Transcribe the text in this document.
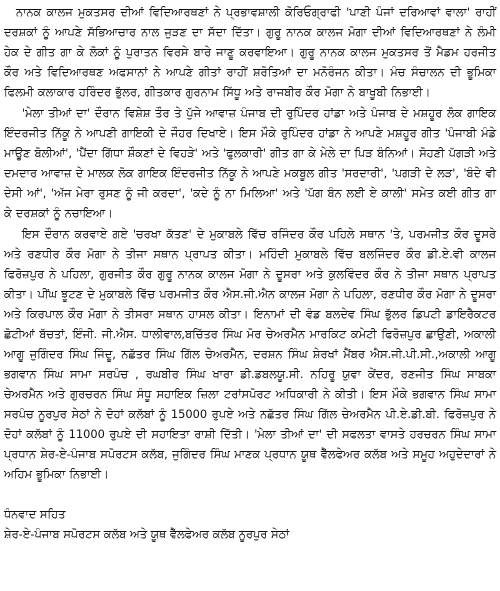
ਨਾਨਕ ਕਾਲਜ ਮੁਕਤਸਰ ਦੀਆਂ ਵਿਦਿਆਰਥਣਾਂ ਨੇ ਪ੍ਰਭਾਵਸ਼ਾਲੀ ਕੋਰਿਓਗ੍ਰਾਫੀ 'ਪਾਣੀ ਪੰਜਾਂ ਦਰਿਆਵਾਂ ਵਾਲਾ' ਰਾਹੀਂ ਦਰਸ਼ਕਾਂ ਨੂੰ ਆਪਣੇ ਸੱਭਿਆਚਾਰ ਨਾਲ ਜੁੜਣ ਦਾ ਸੱਦਾ ਦਿੱਤਾ। ਗੁਰੂ ਨਾਨਕ ਕਾਲਜ ਮੋਗਾ ਦੀਆਂ ਵਿਦਿਆਰਥਣਾਂ ਨੇ ਲੰਮੀ ਹੇਕ ਦੇ ਗੀਤ ਗਾ ਕੇ ਲੋਕਾਂ ਨੂੰ ਪੁਰਾਤਨ ਵਿਰਸੇ ਬਾਰੇ ਜਾਣੂ ਕਰਵਾਇਆ। ਗੁਰੂ ਨਾਨਕ ਕਾਲਜ ਮੁਕਤਸਰ ਤੋਂ ਮੈਡਮ ਹਰਜੀਤ ਕੌਰ ਅਤੇ ਵਿਦਿਆਰਥਣ ਅਫਸਾਨਾਂ ਨੇ ਆਪਣੇ ਗੀਤਾਂ ਰਾਹੀਂ ਸ਼ਰੋਤਿਆਂ ਦਾ ਮਨੋਰੰਜਨ ਕੀਤਾ। ਮੰਚ ਸੰਚਾਲਨ ਦੀ ਭੂਮਿਕਾ ਫਿਲਮੀ ਕਲਾਕਾਰ ਹਰਿੰਦਰ ਭੁੱਲਰ, ਗੀਤਕਾਰ ਗੁਰਨਾਮ ਸਿੱਧੂ ਅਤੇ ਰਾਜਬੀਰ ਕੌਰ ਮੋਗਾ ਨੇ ਬਾਖੂਬੀ ਨਿਭਾਈ।

'ਮੇਲਾ ਤੀਆਂ ਦਾ' ਦੌਰਾਨ ਵਿਸ਼ੇਸ਼ ਤੌਰ ਤੇ ਪੁੱਜੇ ਆਵਾਜ਼ ਪੰਜਾਬ ਦੀ ਰੁਪਿੰਦਰ ਹਾਂਡਾ ਅਤੇ ਪੰਜਾਬ ਦੇ ਮਸ਼ਹੂਰ ਲੋਕ ਗਾਇਕ ਇੰਦਰਜੀਤ ਨਿੱਕੂ ਨੇ ਆਪਣੀ ਗਾਇਕੀ ਦੇ ਜੌਹਰ ਦਿਖਾਏ। ਇਸ ਮੌਕੇ ਰੁਪਿੰਦਰ ਹਾਂਡਾ ਨੇ ਆਪਣੇ ਮਸ਼ਹੂਰ ਗੀਤ 'ਪੰਜਾਬੀ ਮੰਡੇ ਮਾਊਣ ਬੋਲੀਆਂ', 'ਪੈਂਦਾ ਗਿੱਧਾ ਸ਼ੌਕਣਾਂ ਦੇ ਵਿਹੜੇ' ਅਤੇ 'ਫੁਲਕਾਰੀ' ਗੀਤ ਗਾ ਕੇ ਮੇਲੇ ਦਾ ਪਿੜ ਬੰਨਿਆਂ। ਸੋਹਣੀ ਪੱਗੜੀ ਅਤੇ ਦਮਦਾਰ ਆਵਾਜ਼ ਦੇ ਮਾਲਕ ਲੋਕ ਗਾਇਕ ਇੰਦਰਜੀਤ ਨਿੱਕੂ ਨੇ ਆਪਣੇ ਮਕਬੂਲ ਗੀਤ 'ਸਰਦਾਰੀ', 'ਪਗੜੀ ਦੇ ਲੜ', 'ਬੰਦੇ ਵੀ ਦੇਸੀ ਆਂ', 'ਅੱਜ ਮੇਰਾ ਰੁਸਣ ਨੂੰ ਜੀ ਕਰਦਾ', 'ਕਦੇ ਨੂੰ ਨਾ ਮਿਲਿਆ' ਅਤੇ 'ਪੱਗ ਬੰਨ ਲਈ ਏ ਕਾਲੀ' ਸਮੇਤ ਕਈ ਗੀਤ ਗਾ ਕੇ ਦਰਸ਼ਕਾਂ ਨੂੰ ਨਚਾਇਆ।

ਇਸ ਦੌਰਾਨ ਕਰਵਾਏ ਗਏ 'ਚਰਖਾ ਕੱਤਣ' ਦੇ ਮੁਕਾਬਲੇ ਵਿੱਚ ਰਜਿੰਦਰ ਕੌਰ ਪਹਿਲੇ ਸਥਾਨ 'ਤੇ, ਪਰਮਜੀਤ ਕੌਰ ਦੂਸਰੇ ਅਤੇ ਰਣਧੀਰ ਕੌਰ ਮੋਗਾ ਨੇ ਤੀਜਾ ਸਥਾਨ ਪ੍ਰਾਪਤ ਕੀਤਾ। ਮਹਿੰਦੀ ਮੁਕਾਬਲੇ ਵਿੱਚ ਬਲਜਿੰਦਰ ਕੌਰ ਡੀ.ਏ.ਵੀ ਕਾਲਜ ਫਿਰੋਜ਼ਪੁਰ ਨੇ ਪਹਿਲਾ, ਗੁਰਜੀਤ ਕੌਰ ਗੁਰੂ ਨਾਨਕ ਕਾਲਜ ਮੋਗਾ ਨੇ ਦੂਸਰਾ ਅਤੇ ਕੁਲਵਿੰਦਰ ਕੌਰ ਨੇ ਤੀਜਾ ਸਥਾਨ ਪ੍ਰਾਪਤ ਕੀਤਾ। ਪੀਂਘ ਝੂਟਣ ਦੇ ਮੁਕਾਬਲੇ ਵਿੱਚ ਪਰਮਜੀਤ ਕੌਰ ਐਸ.ਜੀ.ਐਨ ਕਾਲਜ ਮੋਗਾ ਨੇ ਪਹਿਲਾ, ਰਣਧੀਰ ਕੌਰ ਮੋਗਾ ਨੇ ਦੂਸਰਾ ਅਤੇ ਕਿਰਪਾਲ ਕੌਰ ਮੋਗਾ ਨੇ ਤੀਸਰਾ ਸਥਾਨ ਹਾਸਲ ਕੀਤਾ। ਇਨਾਮਾਂ ਦੀ ਵੰਡ ਬਲਦੇਵ ਸਿੰਘ ਭੁੱਲਰ ਡਿਪਟੀ ਡਾਇਰੈਕਟਰ ਛੋਟੀਆਂ ਬੱਚਤਾਂ, ਇੰਜੀ. ਜੀ.ਐਸ. ਧਾਲੀਵਾਲ,ਬਚਿੱਤਰ ਸਿੰਘ ਮੋਰ ਚੇਅਰਮੈਨ ਮਾਰਕਿਟ ਕਮੇਟੀ ਫਿਰੋਜ਼ਪੁਰ ਛਾਉਣੀ, ਅਕਾਲੀ ਆਗੂ ਜੁਗਿੰਦਰ ਸਿੰਘ ਜਿੰਦੂ, ਨਛੱਤਰ ਸਿੰਘ ਗਿੱਲ ਚੇਅਰਮੈਨ, ਦਰਸ਼ਨ ਸਿੰਘ ਸ਼ੇਰਖਾਂ ਮੈਂਬਰ ਐਸ.ਜੀ.ਪੀ.ਸੀ.,ਅਕਾਲੀ ਆਗੂ ਭਗਵਾਨ ਸਿੰਘ ਸਾਮਾ ਸਰਪੰਚ , ਰਘਬੀਰ ਸਿੰਘ ਖਾਰਾ ਡੀ.ਡਬਲਯੂ.ਸੀ. ਨਹਿਰੂ ਯੁਵਾ ਕੇਂਦਰ, ਰਣਜੀਤ ਸਿੰਘ ਸਾਬਕਾ ਚੇਅਰਮੈਨ ਅਤੇ ਗੁਰਚਰਨ ਸਿੰਘ ਸੰਧੂ ਸਹਾਇਕ ਜ਼ਿਲਾ ਟਰਾਂਸਪੋਰਟ ਅਧਿਕਾਰੀ ਨੇ ਕੀਤੀ। ਇਸ ਮੌਕੇ ਭਗਵਾਨ ਸਿੰਘ ਸਾਮਾ ਸਰਪੰਚ ਨੂਰਪੁਰ ਸੇਠਾਂ ਨੇ ਦੋਹਾਂ ਕਲੱਬਾਂ ਨੂੰ 15000 ਰੁਪਏ ਅਤੇ ਨਛੱਤਰ ਸਿੰਘ ਗਿੱਲ ਚੇਅਰਮੈਨ ਪੀ.ਏ.ਡੀ.ਬੀ. ਫਿਰੋਜ਼ਪੁਰ ਨੇ ਦੋਹਾਂ ਕਲੱਬਾਂ ਨੂੰ 11000 ਰੁਪਏ ਦੀ ਸਹਾਇਤਾ ਰਾਸ਼ੀ ਦਿੱਤੀ। 'ਮੇਲਾ ਤੀਆਂ ਦਾ' ਦੀ ਸਫਲਤਾ ਵਾਸਤੇ ਹਰਚਰਨ ਸਿੰਘ ਸਾਮਾ ਪ੍ਰਧਾਨ ਸ਼ੇਰ-ਏ-ਪੰਜਾਬ ਸਪੋਰਟਸ ਕਲੱਬ, ਜੁਗਿੰਦਰ ਸਿੰਘ ਮਾਣਕ ਪ੍ਰਧਾਨ ਯੂਥ ਵੈੱਲਫੇਅਰ ਕਲੱਬ ਅਤੇ ਸਮੂਹ ਅਹੁਦੇਦਾਰਾਂ ਨੇ ਅਹਿਮ ਭੂਮਿਕਾ ਨਿਭਾਈ।

ਧੰਨਵਾਦ ਸਹਿਤ
ਸ਼ੇਰ-ਏ-ਪੰਜਾਬ ਸਪੋਰਟਸ ਕਲੱਬ ਅਤੇ ਯੂਥ ਵੈੱਲਫੇਅਰ ਕਲੱਬ ਨੂਰਪੁਰ ਸੇਠਾਂ
